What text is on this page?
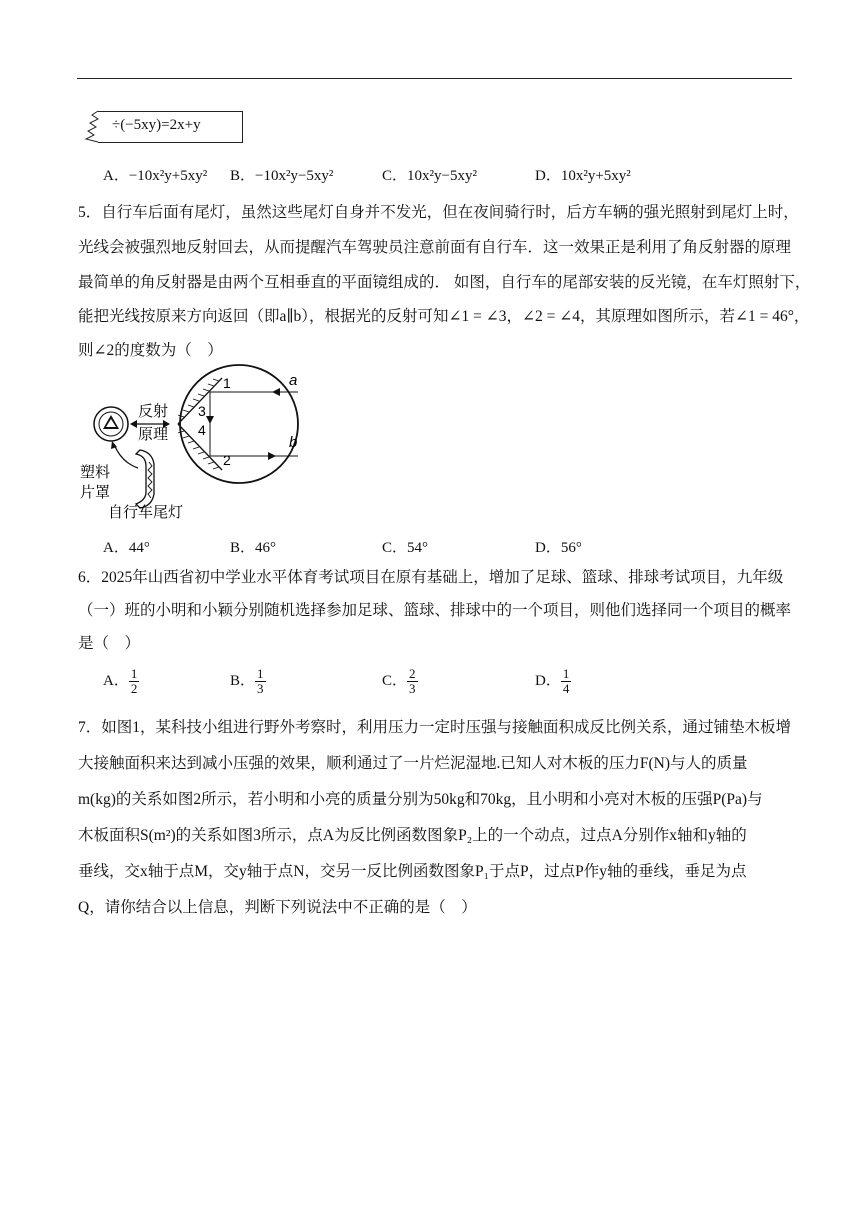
÷(−5xy)=2x+y
A．−10x²y+5xy² B．−10x²y−5xy²	C．10x²y−5xy²	D．10x²y+5xy²
5．自行车后面有尾灯，虽然这些尾灯自身并不发光，但在夜间骑行时，后方车辆的强光照射到尾灯上时，
光线会被强烈地反射回去，从而提醒汽车驾驶员注意前面有自行车．这一效果正是利用了角反射器的原理
最简单的角反射器是由两个互相垂直的平面镜组成的． 如图，自行车的尾部安装的反光镜，在车灯照射下，
能把光线按原来方向返回（即a∥b），根据光的反射可知∠1 = ∠3，∠2 = ∠4，其原理如图所示，若∠1 = 46°，
则∠2的度数为（　）
反射
原理
塑料
片罩
自行车尾灯
1
2
3
4
a
b
A．44°	B．46°	C．54°	D．56°
6．2025年山西省初中学业水平体育考试项目在原有基础上，增加了足球、篮球、排球考试项目，九年级
（一）班的小明和小颖分别随机选择参加足球、篮球、排球中的一个项目，则他们选择同一个项目的概率
是（　）
A． $\frac{1}{2}$	B． $\frac{1}{3}$	C． $\frac{2}{3}$	D． $\frac{1}{4}$
7．如图1，某科技小组进行野外考察时，利用压力一定时压强与接触面积成反比例关系，通过铺垫木板增
大接触面积来达到减小压强的效果，顺利通过了一片烂泥湿地.已知人对木板的压力F(N)与人的质量
m(kg)的关系如图2所示，若小明和小亮的质量分别为50kg和70kg，且小明和小亮对木板的压强P(Pa)与
木板面积S(m²)的关系如图3所示，点A为反比例函数图象P₂上的一个动点，过点A分别作x轴和y轴的
垂线，交x轴于点M，交y轴于点N，交另一反比例函数图象P₁于点P，过点P作y轴的垂线，垂足为点
Q，请你结合以上信息，判断下列说法中不正确的是（　）
